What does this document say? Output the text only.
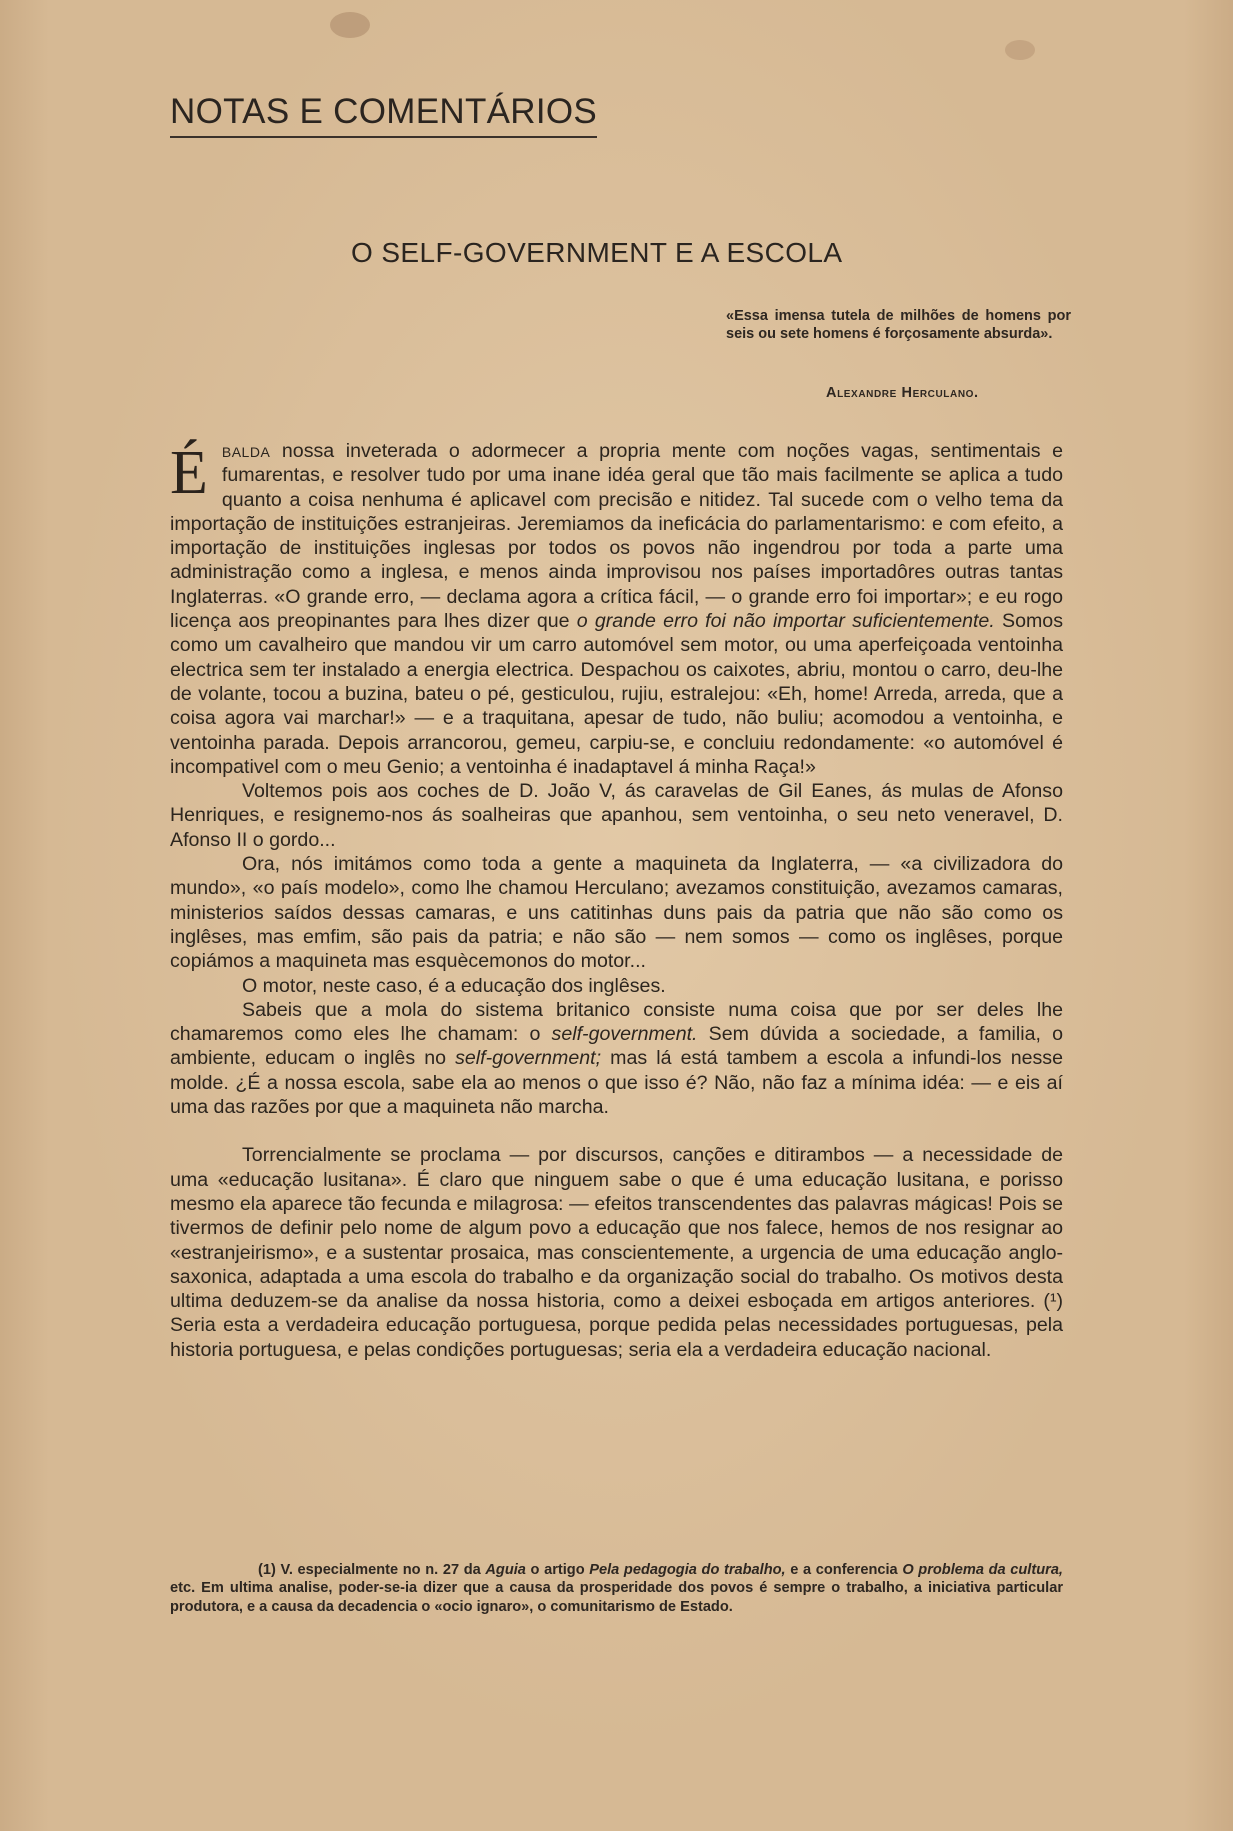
NOTAS E COMENTÁRIOS
O SELF-GOVERNMENT E A ESCOLA
«Essa imensa tutela de milhões de homens por seis ou sete homens é forçosamente absurda».
Alexandre Herculano.

Ébalda nossa inveterada o adormecer a propria mente com noções vagas, sentimentais e fumarentas, e resolver tudo por uma inane idéa geral que tão mais facilmente se aplica a tudo quanto a coisa nenhuma é aplicavel com precisão e nitidez. Tal sucede com o velho tema da importação de instituições estranjeiras. Jeremiamos da ineficácia do parlamentarismo: e com efeito, a importação de instituições inglesas por todos os povos não ingendrou por toda a parte uma administração como a inglesa, e menos ainda improvisou nos países importadôres outras tantas Inglaterras. «O grande erro, — declama agora a crítica fácil, — o grande erro foi importar»; e eu rogo licença aos preopinantes para lhes dizer que o grande erro foi não importar suficientemente. Somos como um cavalheiro que mandou vir um carro automóvel sem motor, ou uma aperfeiçoada ventoinha electrica sem ter instalado a energia electrica. Despachou os caixotes, abriu, montou o carro, deu-lhe de volante, tocou a buzina, bateu o pé, gesticulou, rujiu, estralejou: «Eh, home! Arreda, arreda, que a coisa agora vai marchar!» — e a traquitana, apesar de tudo, não buliu; acomodou a ventoinha, e ventoinha parada. Depois arrancorou, gemeu, carpiu-se, e concluiu redondamente: «o automóvel é incompativel com o meu Genio; a ventoinha é inadaptavel á minha Raça!»

Voltemos pois aos coches de D. João V, ás caravelas de Gil Eanes, ás mulas de Afonso Henriques, e resignemo-nos ás soalheiras que apanhou, sem ventoinha, o seu neto veneravel, D. Afonso II o gordo...

Ora, nós imitámos como toda a gente a maquineta da Inglaterra, — «a civilizadora do mundo», «o país modelo», como lhe chamou Herculano; avezamos constituição, avezamos camaras, ministerios saídos dessas camaras, e uns catitinhas duns pais da patria que não são como os inglêses, mas emfim, são pais da patria; e não são — nem somos — como os inglêses, porque copiámos a maquineta mas esquècemonos do motor...

O motor, neste caso, é a educação dos inglêses.

Sabeis que a mola do sistema britanico consiste numa coisa que por ser deles lhe chamaremos como eles lhe chamam: o self-government. Sem dúvida a sociedade, a familia, o ambiente, educam o inglês no self-government; mas lá está tambem a escola a infundi-los nesse molde. ¿É a nossa escola, sabe ela ao menos o que isso é? Não, não faz a mínima idéa: — e eis aí uma das razões por que a maquineta não marcha.

Torrencialmente se proclama — por discursos, canções e ditirambos — a necessidade de uma «educação lusitana». É claro que ninguem sabe o que é uma educação lusitana, e porisso mesmo ela aparece tão fecunda e milagrosa: — efeitos transcendentes das palavras mágicas! Pois se tivermos de definir pelo nome de algum povo a educação que nos falece, hemos de nos resignar ao «estranjeirismo», e a sustentar prosaica, mas conscientemente, a urgencia de uma educação anglo-saxonica, adaptada a uma escola do trabalho e da organização social do trabalho. Os motivos desta ultima deduzem-se da analise da nossa historia, como a deixei esboçada em artigos anteriores. (¹) Seria esta a verdadeira educação portuguesa, porque pedida pelas necessidades portuguesas, pela historia portuguesa, e pelas condições portuguesas; seria ela a verdadeira educação nacional.

(1) V. especialmente no n. 27 da Aguia o artigo Pela pedagogia do trabalho, e a conferencia O problema da cultura, etc. Em ultima analise, poder-se-ia dizer que a causa da prosperidade dos povos é sempre o trabalho, a iniciativa particular produtora, e a causa da decadencia o «ocio ignaro», o comunitarismo de Estado.
